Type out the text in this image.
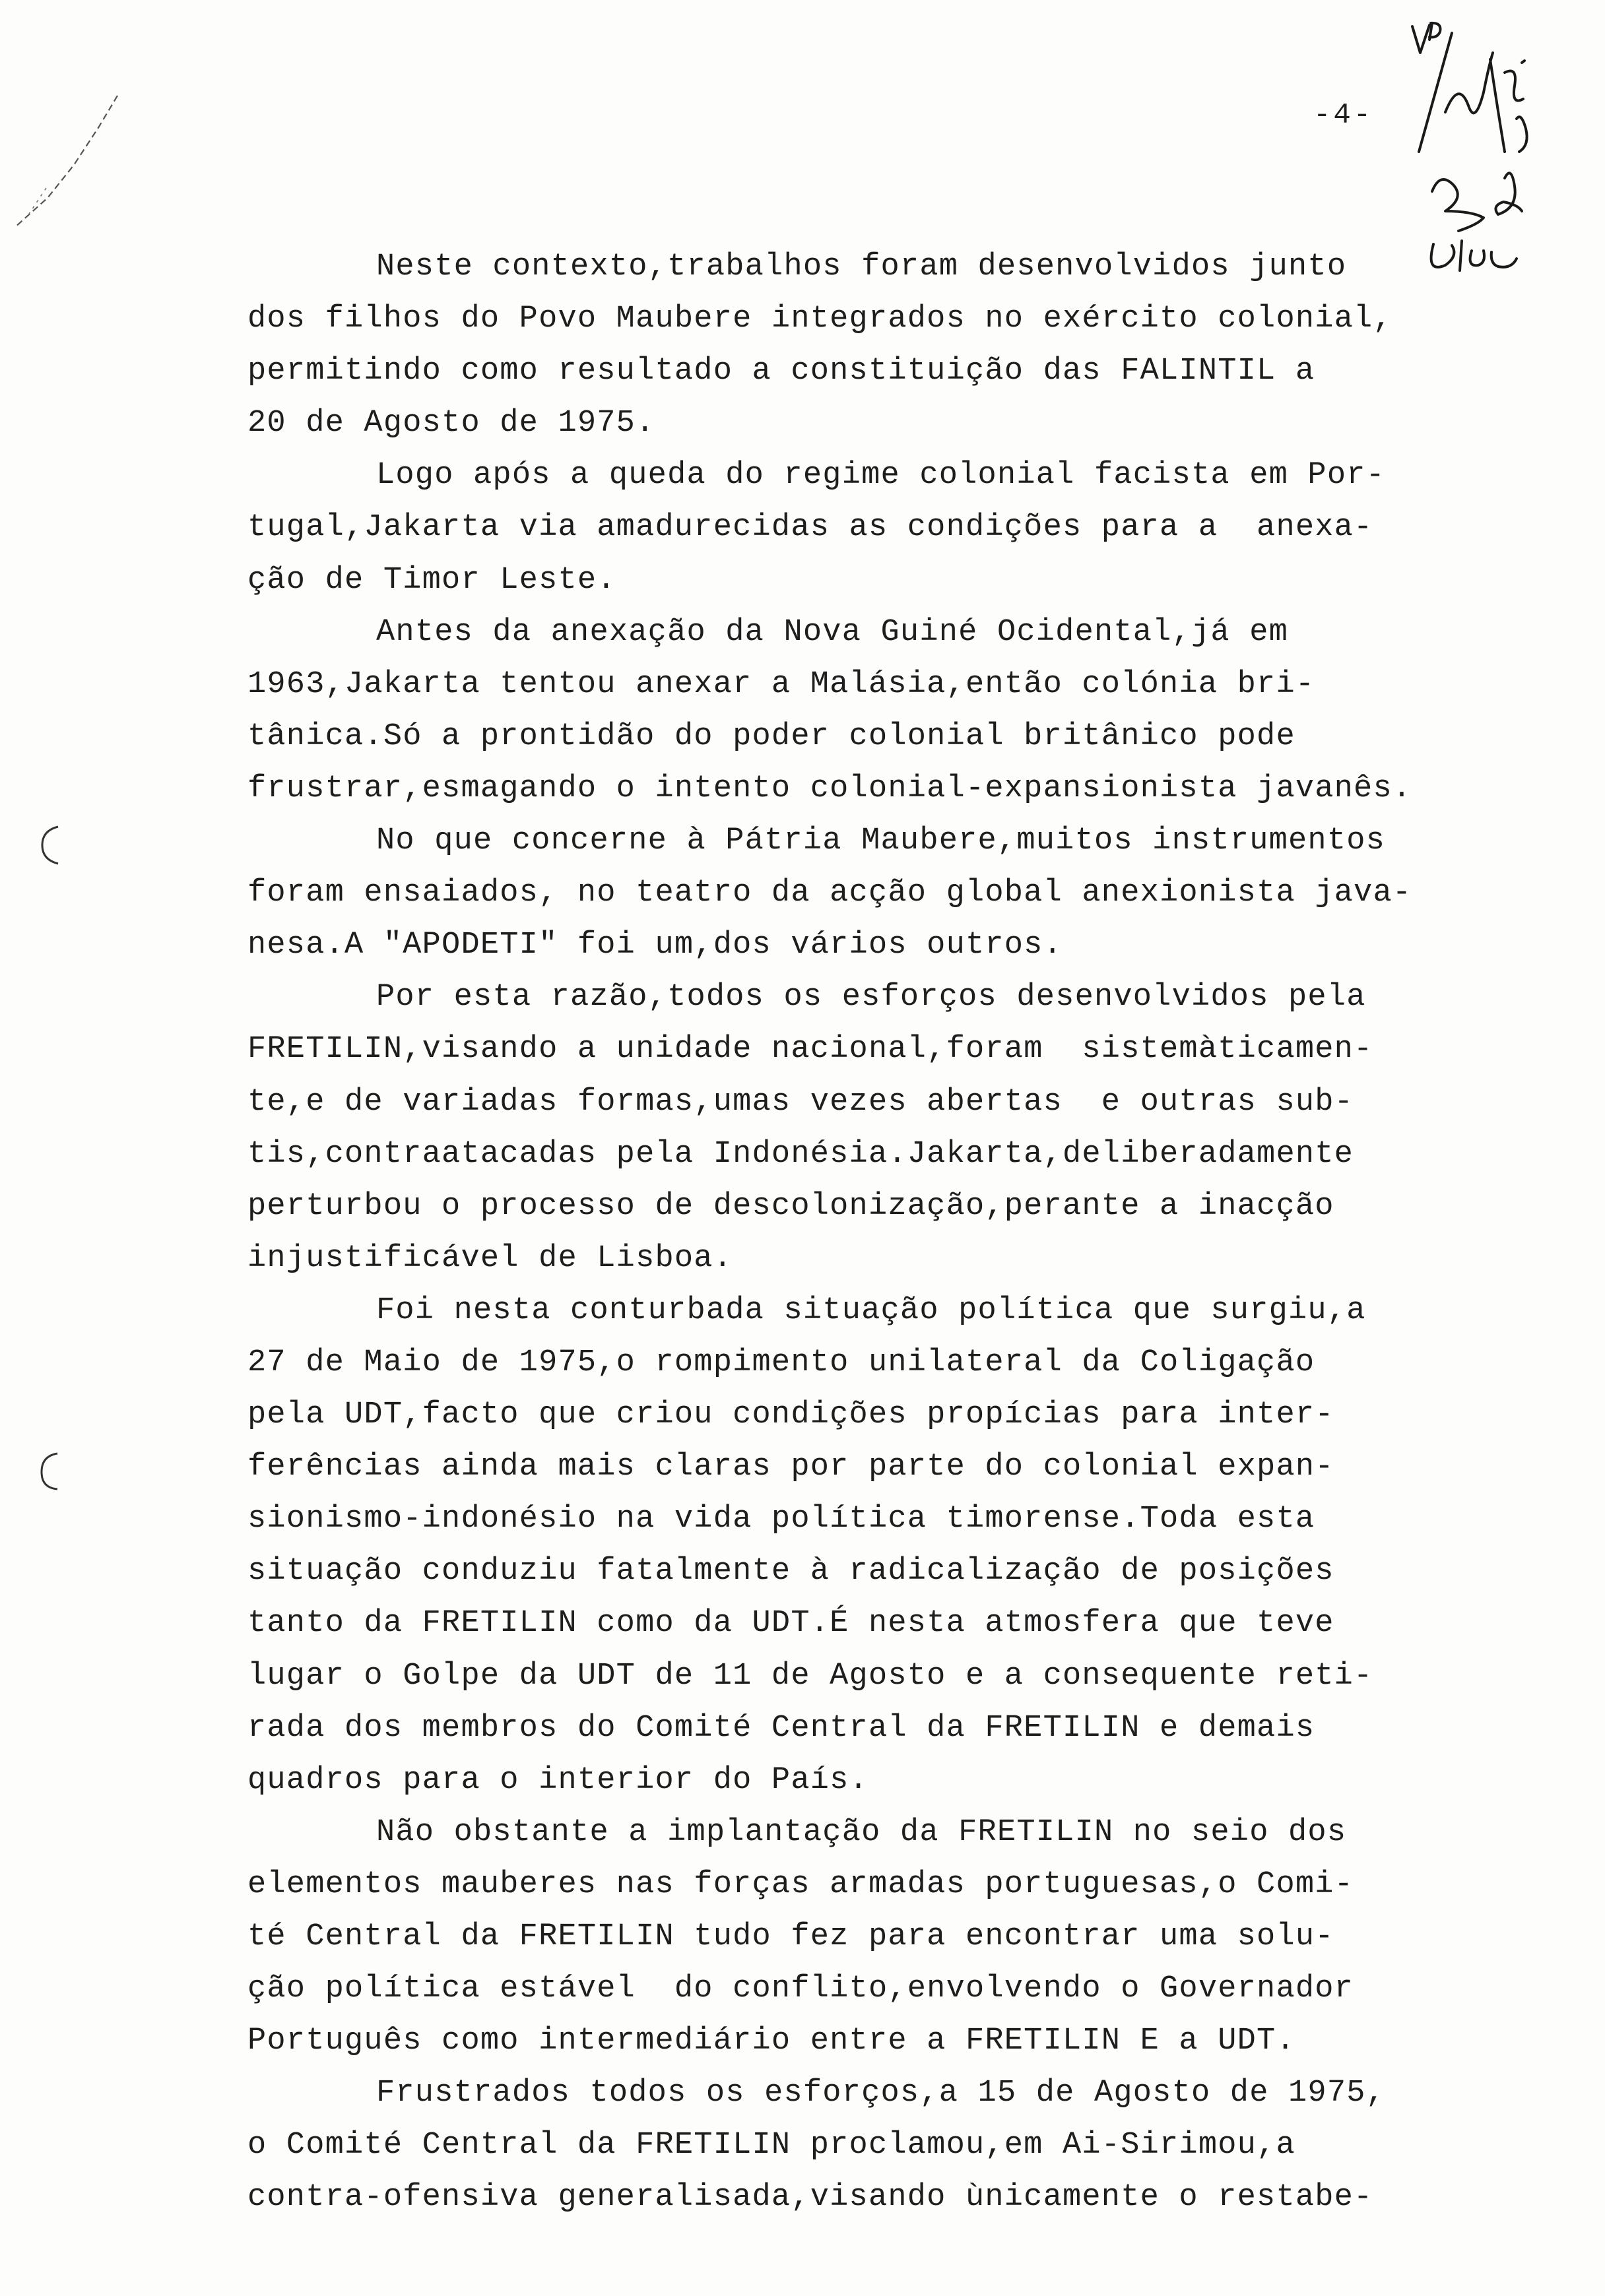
-4-
Neste contexto,trabalhos foram desenvolvidos junto
dos filhos do Povo Maubere integrados no exército colonial,
permitindo como resultado a constituição das FALINTIL a
20 de Agosto de 1975.
Logo após a queda do regime colonial facista em Por-
tugal,Jakarta via amadurecidas as condições para a  anexa-
ção de Timor Leste.
Antes da anexação da Nova Guiné Ocidental,já em
1963,Jakarta tentou anexar a Malásia,então colónia bri-
tânica.Só a prontidão do poder colonial britânico pode
frustrar,esmagando o intento colonial-expansionista javanês.
No que concerne à Pátria Maubere,muitos instrumentos
foram ensaiados, no teatro da acção global anexionista java-
nesa.A "APODETI" foi um,dos vários outros.
Por esta razão,todos os esforços desenvolvidos pela
FRETILIN,visando a unidade nacional,foram  sistemàticamen-
te,e de variadas formas,umas vezes abertas  e outras sub-
tis,contraatacadas pela Indonésia.Jakarta,deliberadamente
perturbou o processo de descolonização,perante a inacção
injustificável de Lisboa.
Foi nesta conturbada situação política que surgiu,a
27 de Maio de 1975,o rompimento unilateral da Coligação
pela UDT,facto que criou condições propícias para inter-
ferências ainda mais claras por parte do colonial expan-
sionismo-indonésio na vida política timorense.Toda esta
situação conduziu fatalmente à radicalização de posições
tanto da FRETILIN como da UDT.É nesta atmosfera que teve
lugar o Golpe da UDT de 11 de Agosto e a consequente reti-
rada dos membros do Comité Central da FRETILIN e demais
quadros para o interior do País.
Não obstante a implantação da FRETILIN no seio dos
elementos mauberes nas forças armadas portuguesas,o Comi-
té Central da FRETILIN tudo fez para encontrar uma solu-
ção política estável  do conflito,envolvendo o Governador
Português como intermediário entre a FRETILIN E a UDT.
Frustrados todos os esforços,a 15 de Agosto de 1975,
o Comité Central da FRETILIN proclamou,em Ai-Sirimou,a
contra-ofensiva generalisada,visando ùnicamente o restabe-
